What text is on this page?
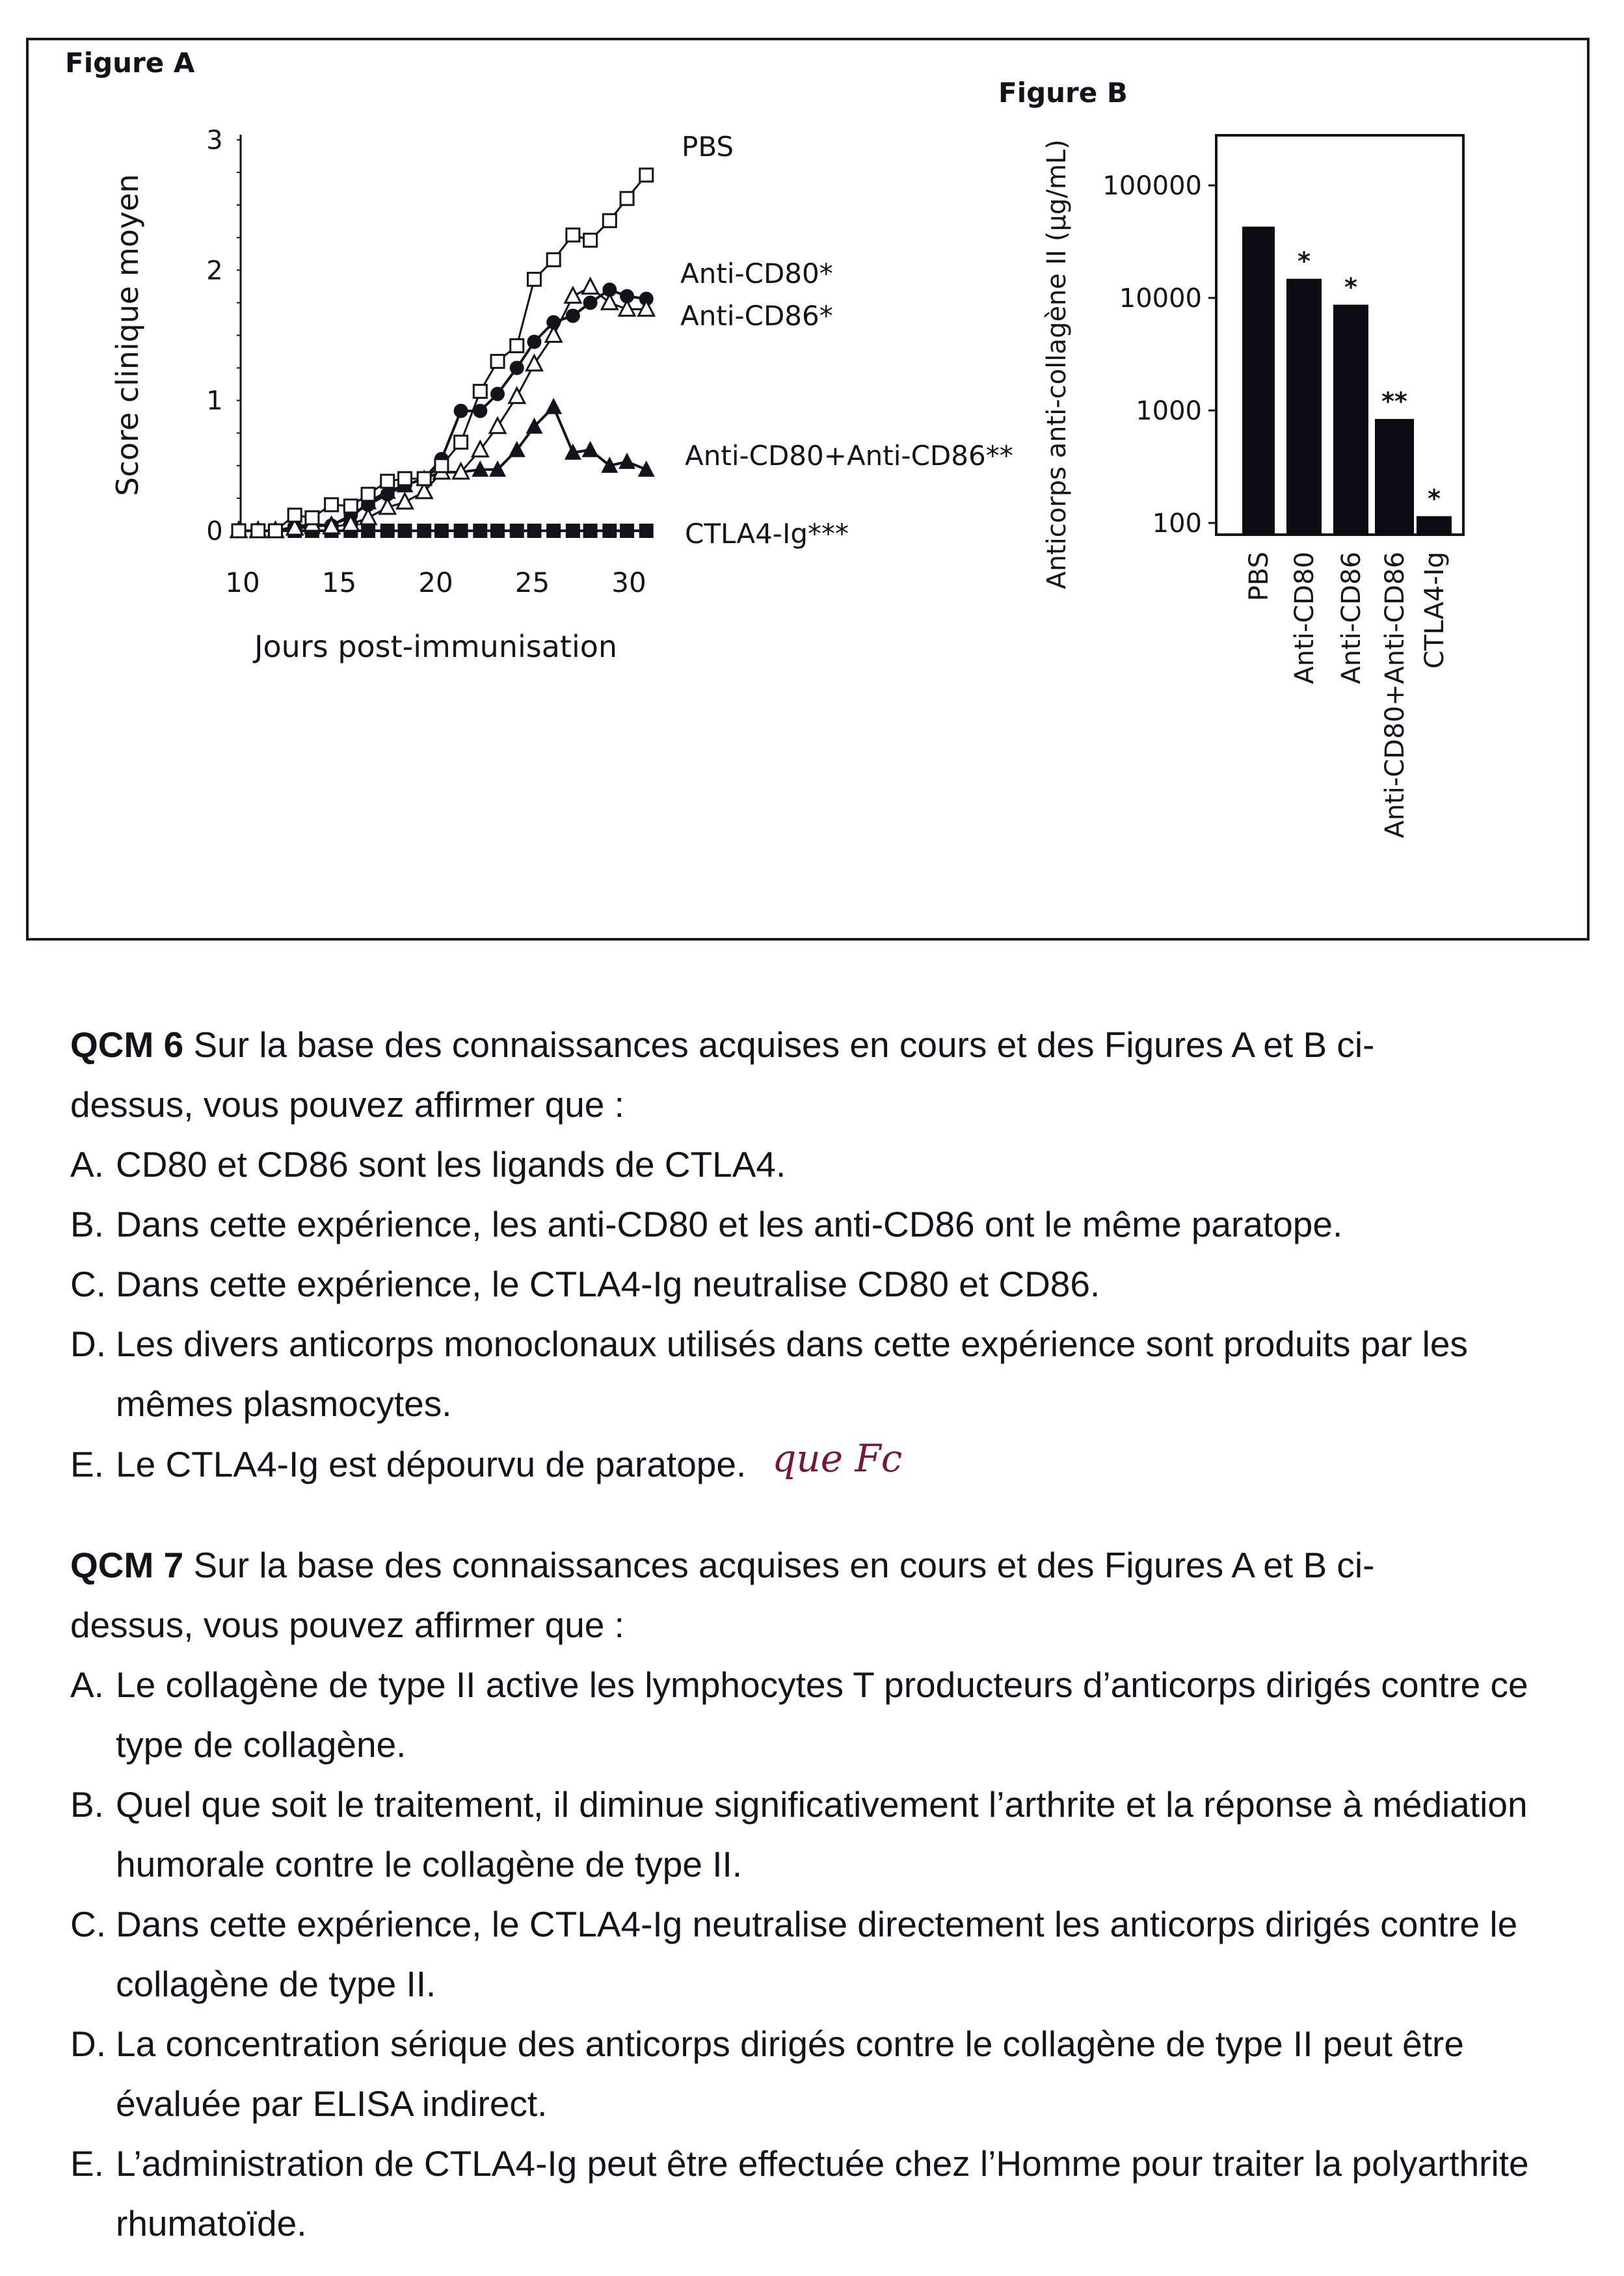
Figure A
Figure B
0
1
2
3
10 15 20 25 30
Jours post-immunisation
Score clinique moyen
PBS
Anti-CD80*
Anti-CD86*
Anti-CD80+Anti-CD86**
CTLA4-Ig***	100
1000
10000
100000
Anticorps anti-collagène II (µg/mL)	PBS
*
Anti-CD80
*
Anti-CD86
**
Anti-CD80+Anti-CD86
*
CTLA4-Ig
QCM 6 Sur la base des connaissances acquises en cours et des Figures A et B ci-
dessus, vous pouvez affirmer que :
A. CD80 et CD86 sont les ligands de CTLA4.
B. Dans cette expérience, les anti-CD80 et les anti-CD86 ont le même paratope.
C. Dans cette expérience, le CTLA4-Ig neutralise CD80 et CD86.
D. Les divers anticorps monoclonaux utilisés dans cette expérience sont produits par les mêmes plasmocytes.
E. Le CTLA4-Ig est dépourvu de paratope. que Fc
QCM 7 Sur la base des connaissances acquises en cours et des Figures A et B ci-
dessus, vous pouvez affirmer que :
A. Le collagène de type II active les lymphocytes T producteurs d’anticorps dirigés contre ce type de collagène.
B. Quel que soit le traitement, il diminue significativement l’arthrite et la réponse à médiation humorale contre le collagène de type II.
C. Dans cette expérience, le CTLA4-Ig neutralise directement les anticorps dirigés contre le collagène de type II.
D. La concentration sérique des anticorps dirigés contre le collagène de type II peut être évaluée par ELISA indirect.
E. L’administration de CTLA4-Ig peut être effectuée chez l’Homme pour traiter la polyarthrite rhumatoïde.
